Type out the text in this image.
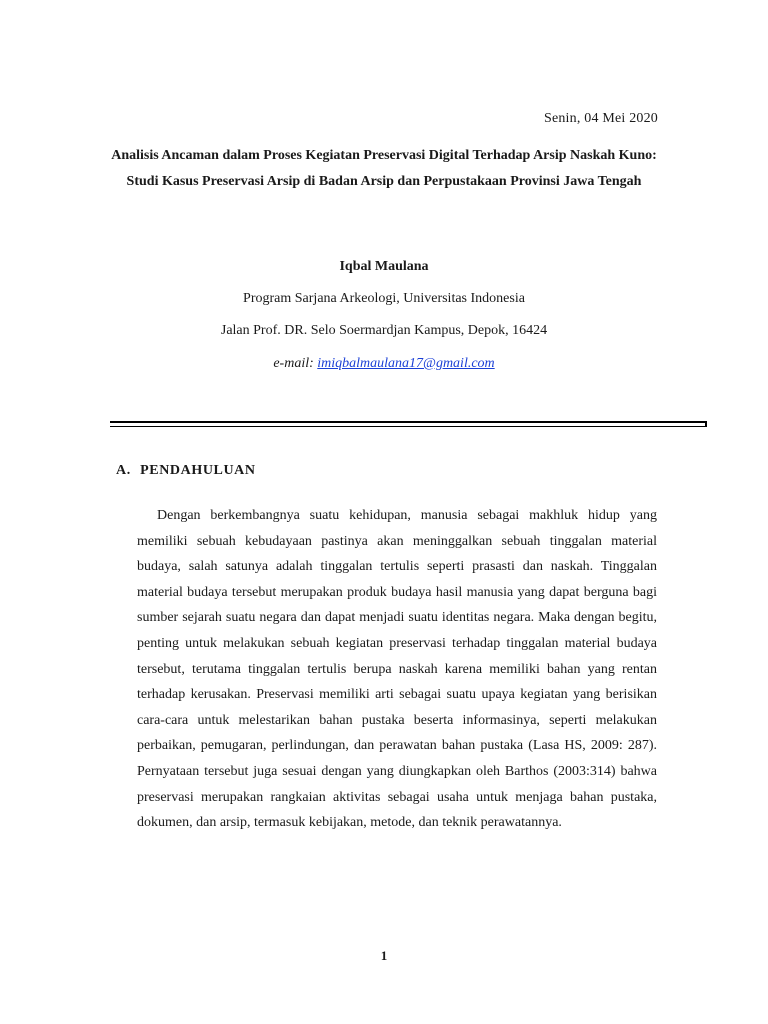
Senin, 04 Mei 2020
Analisis Ancaman dalam Proses Kegiatan Preservasi Digital Terhadap Arsip Naskah Kuno: Studi Kasus Preservasi Arsip di Badan Arsip dan Perpustakaan Provinsi Jawa Tengah
Iqbal Maulana
Program Sarjana Arkeologi, Universitas Indonesia
Jalan Prof. DR. Selo Soermardjan Kampus, Depok, 16424
e-mail: imiqbalmaulana17@gmail.com
A. PENDAHULUAN

Dengan berkembangnya suatu kehidupan, manusia sebagai makhluk hidup yang memiliki sebuah kebudayaan pastinya akan meninggalkan sebuah tinggalan material budaya, salah satunya adalah tinggalan tertulis seperti prasasti dan naskah. Tinggalan material budaya tersebut merupakan produk budaya hasil manusia yang dapat berguna bagi sumber sejarah suatu negara dan dapat menjadi suatu identitas negara. Maka dengan begitu, penting untuk melakukan sebuah kegiatan preservasi terhadap tinggalan material budaya tersebut, terutama tinggalan tertulis berupa naskah karena memiliki bahan yang rentan terhadap kerusakan. Preservasi memiliki arti sebagai suatu upaya kegiatan yang berisikan cara-cara untuk melestarikan bahan pustaka beserta informasinya, seperti melakukan perbaikan, pemugaran, perlindungan, dan perawatan bahan pustaka (Lasa HS, 2009: 287). Pernyataan tersebut juga sesuai dengan yang diungkapkan oleh Barthos (2003:314) bahwa preservasi merupakan rangkaian aktivitas sebagai usaha untuk menjaga bahan pustaka, dokumen, dan arsip, termasuk kebijakan, metode, dan teknik perawatannya.

1
